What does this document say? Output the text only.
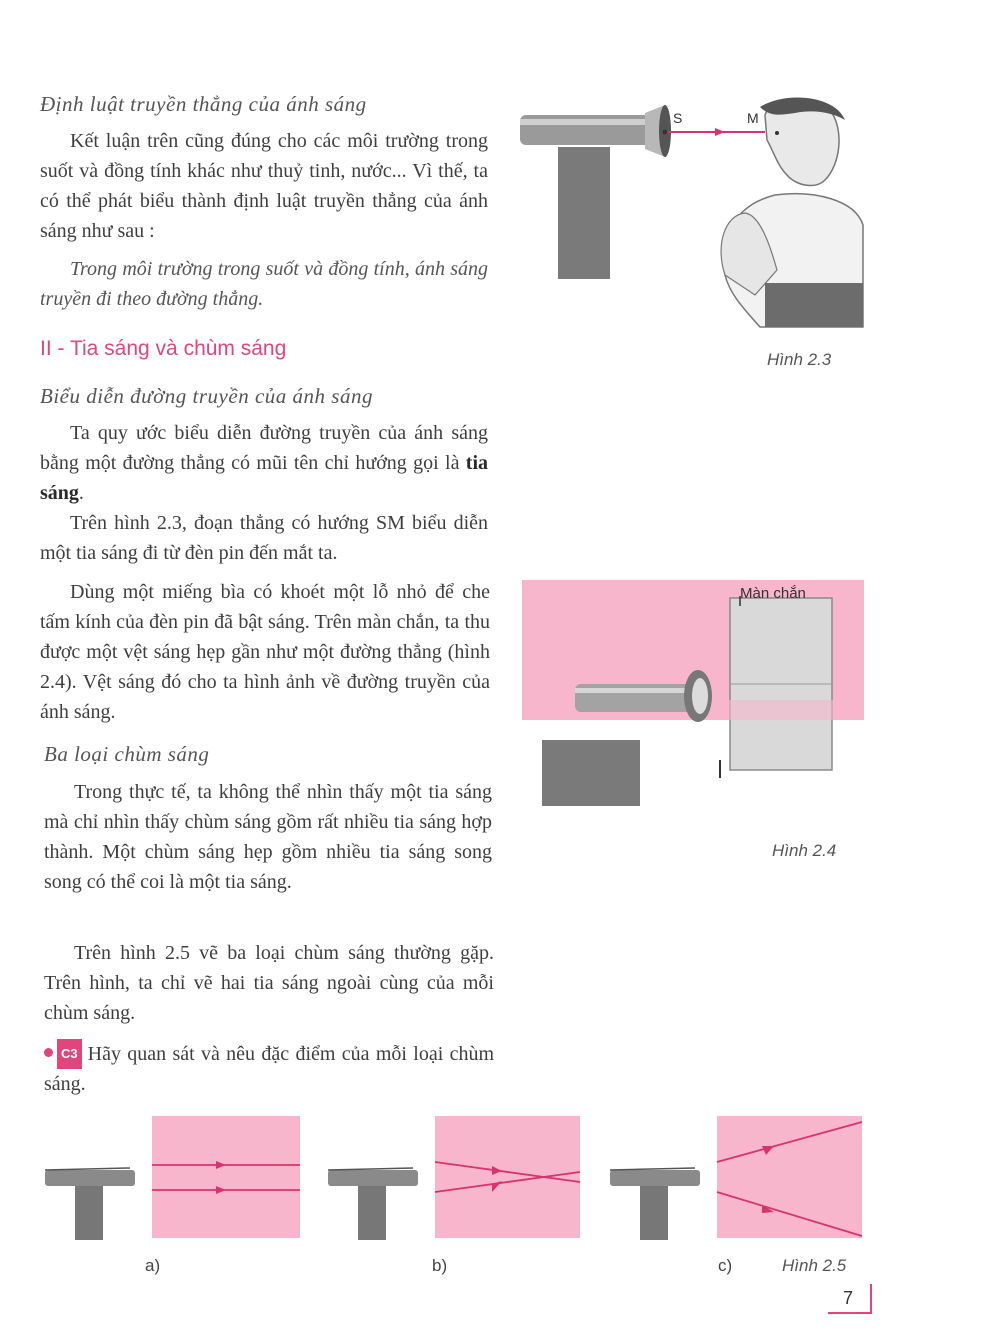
Định luật truyền thẳng của ánh sáng

Kết luận trên cũng đúng cho các môi trường trong suốt và đồng tính khác như thuỷ tinh, nước... Vì thế, ta có thể phát biểu thành định luật truyền thẳng của ánh sáng như sau :

Trong môi trường trong suốt và đồng tính, ánh sáng truyền đi theo đường thẳng.
II - Tia sáng và chùm sáng
Biểu diễn đường truyền của ánh sáng

Ta quy ước biểu diễn đường truyền của ánh sáng bằng một đường thẳng có mũi tên chỉ hướng gọi là tia sáng.

Trên hình 2.3, đoạn thẳng có hướng SM biểu diễn một tia sáng đi từ đèn pin đến mắt ta.

Dùng một miếng bìa có khoét một lỗ nhỏ để che tấm kính của đèn pin đã bật sáng. Trên màn chắn, ta thu được một vệt sáng hẹp gần như một đường thẳng (hình 2.4). Vệt sáng đó cho ta hình ảnh về đường truyền của ánh sáng.

Ba loại chùm sáng

Trong thực tế, ta không thể nhìn thấy một tia sáng mà chỉ nhìn thấy chùm sáng gồm rất nhiều tia sáng hợp thành. Một chùm sáng hẹp gồm nhiều tia sáng song song có thể coi là một tia sáng.

Trên hình 2.5 vẽ ba loại chùm sáng thường gặp. Trên hình, ta chỉ vẽ hai tia sáng ngoài cùng của mỗi chùm sáng.

C3 Hãy quan sát và nêu đặc điểm của mỗi loại chùm sáng.
S	M
Hình 2.3
Màn chắn
Hình 2.4
a)	b)	c)	Hình 2.5
7
